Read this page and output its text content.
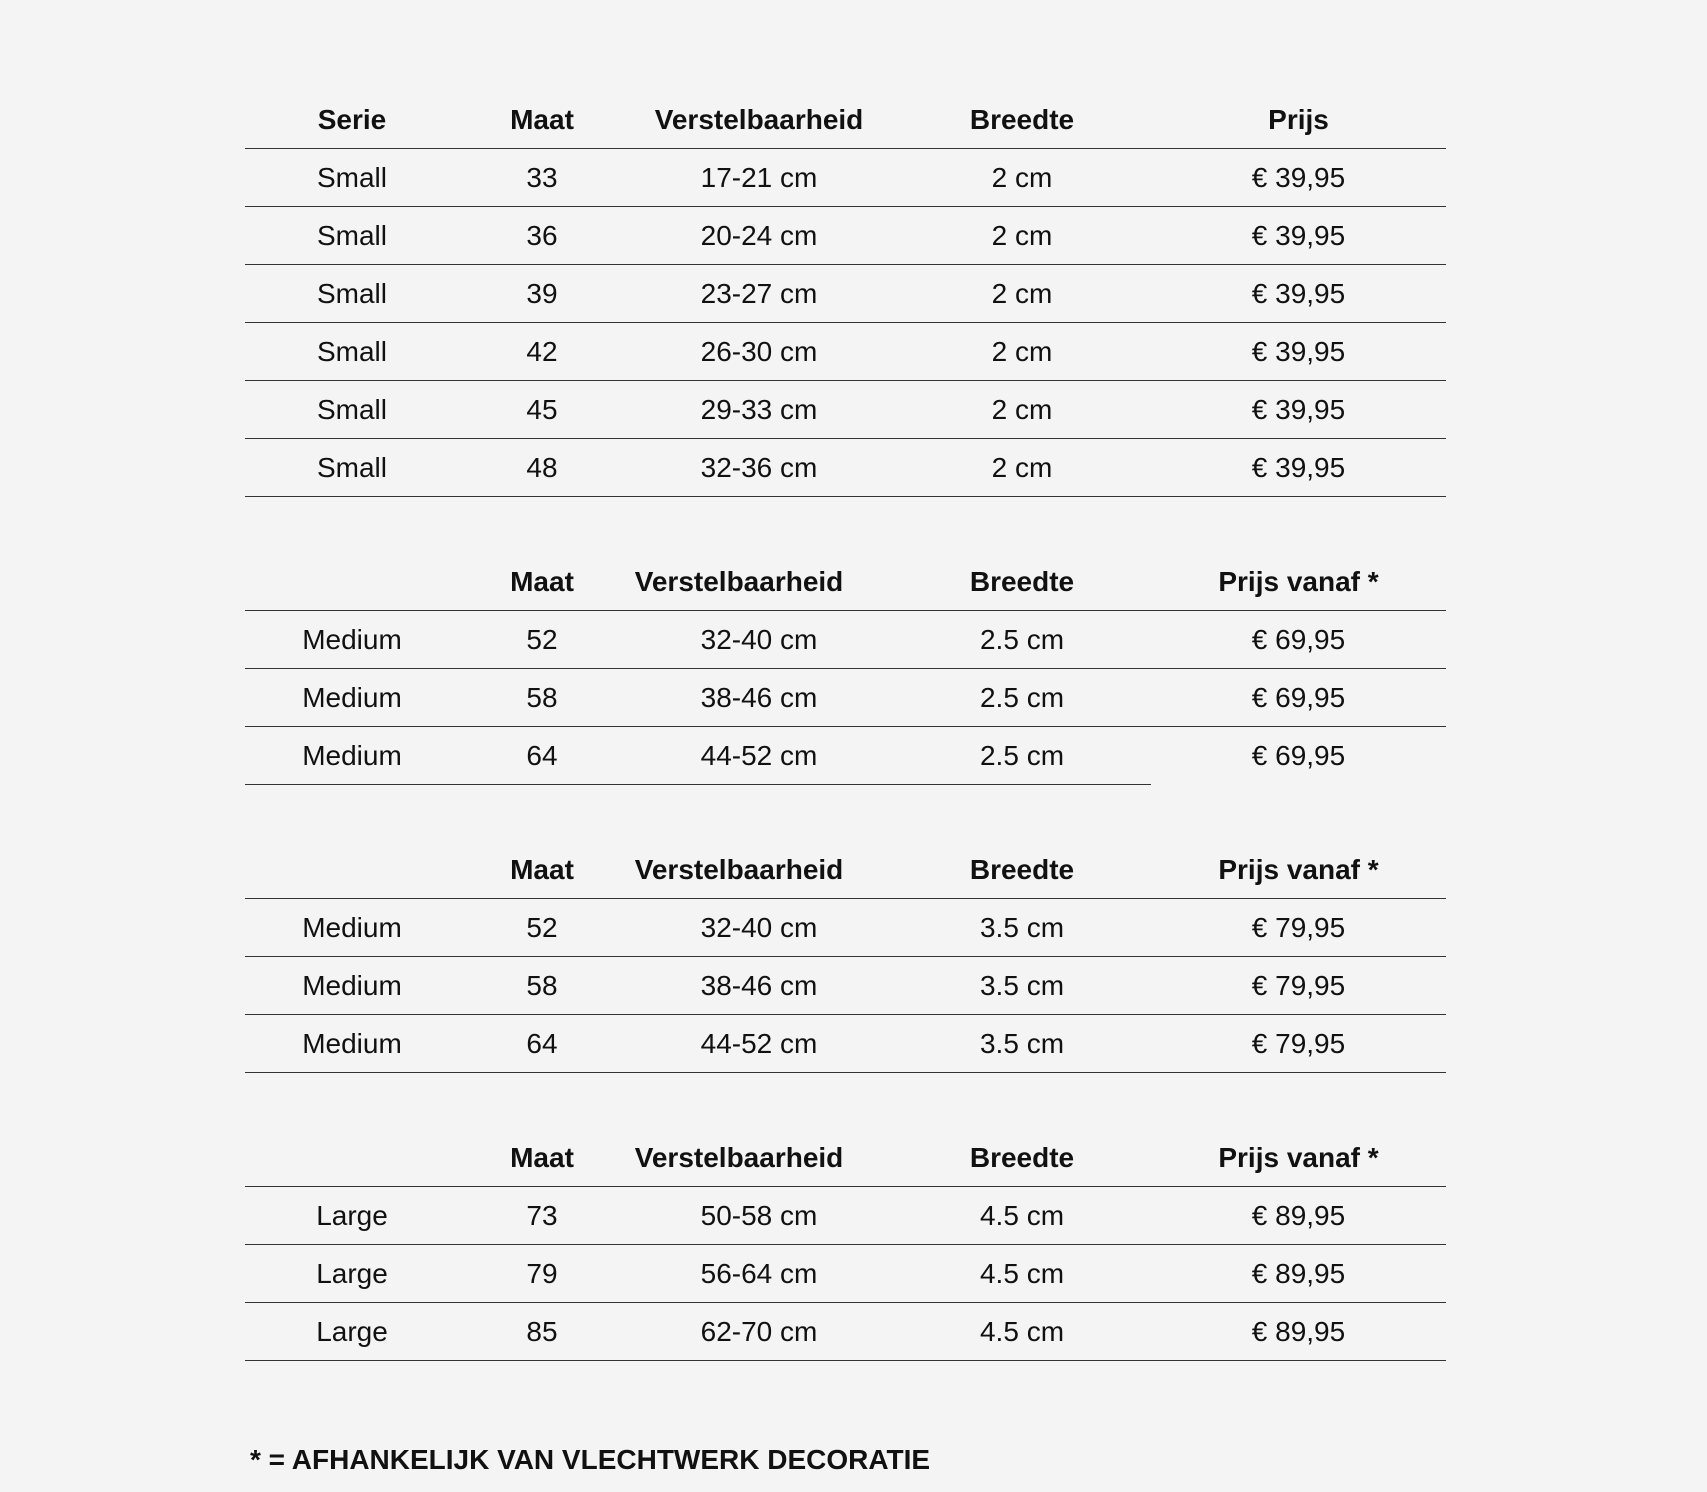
Serie	Maat	Verstelbaarheid	Breedte	Prijs
Small	33	17-21 cm	2 cm	€ 39,95
Small	36	20-24 cm	2 cm	€ 39,95
Small	39	23-27 cm	2 cm	€ 39,95
Small	42	26-30 cm	2 cm	€ 39,95
Small	45	29-33 cm	2 cm	€ 39,95
Small	48	32-36 cm	2 cm	€ 39,95
	Maat	Verstelbaarheid	Breedte	Prijs vanaf *
Medium	52	32-40 cm	2.5 cm	€ 69,95
Medium	58	38-46 cm	2.5 cm	€ 69,95
Medium	64	44-52 cm	2.5 cm	€ 69,95
	Maat	Verstelbaarheid	Breedte	Prijs vanaf *
Medium	52	32-40 cm	3.5 cm	€ 79,95
Medium	58	38-46 cm	3.5 cm	€ 79,95
Medium	64	44-52 cm	3.5 cm	€ 79,95
	Maat	Verstelbaarheid	Breedte	Prijs vanaf *
Large	73	50-58 cm	4.5 cm	€ 89,95
Large	79	56-64 cm	4.5 cm	€ 89,95
Large	85	62-70 cm	4.5 cm	€ 89,95
* = AFHANKELIJK VAN VLECHTWERK DECORATIE
